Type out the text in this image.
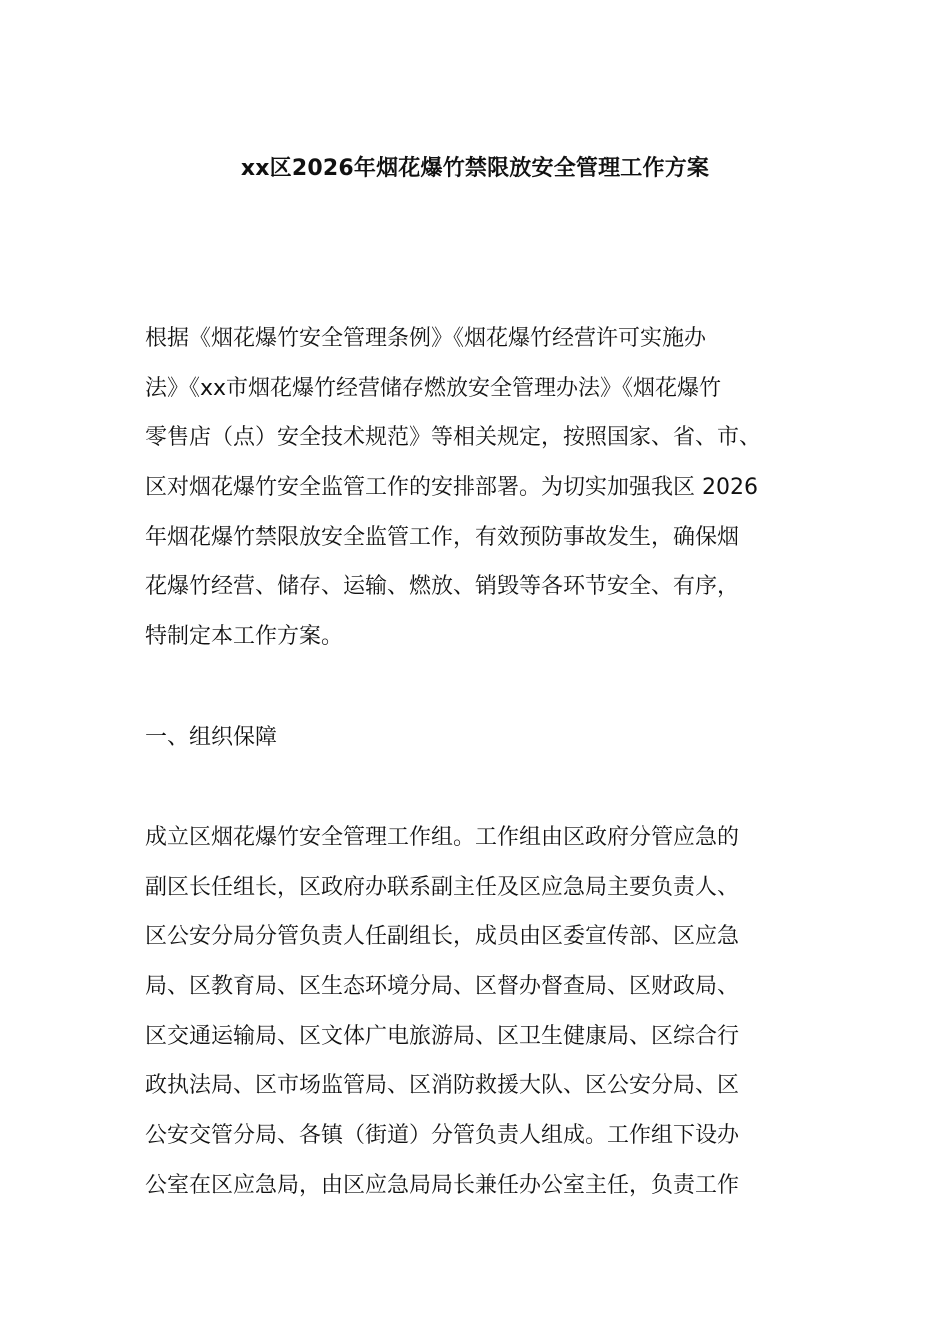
xx区2026年烟花爆竹禁限放安全管理工作方案
根据《烟花爆竹安全管理条例》《烟花爆竹经营许可实施办
法》《xx市烟花爆竹经营储存燃放安全管理办法》《烟花爆竹
零售店（点）安全技术规范》等相关规定，按照国家、省、市、
区对烟花爆竹安全监管工作的安排部署。为切实加强我区 2026
年烟花爆竹禁限放安全监管工作，有效预防事故发生，确保烟
花爆竹经营、储存、运输、燃放、销毁等各环节安全、有序，
特制定本工作方案。
一、组织保障
成立区烟花爆竹安全管理工作组。工作组由区政府分管应急的
副区长任组长，区政府办联系副主任及区应急局主要负责人、
区公安分局分管负责人任副组长，成员由区委宣传部、区应急
局、区教育局、区生态环境分局、区督办督查局、区财政局、
区交通运输局、区文体广电旅游局、区卫生健康局、区综合行
政执法局、区市场监管局、区消防救援大队、区公安分局、区
公安交管分局、各镇（街道）分管负责人组成。工作组下设办
公室在区应急局，由区应急局局长兼任办公室主任，负责工作
